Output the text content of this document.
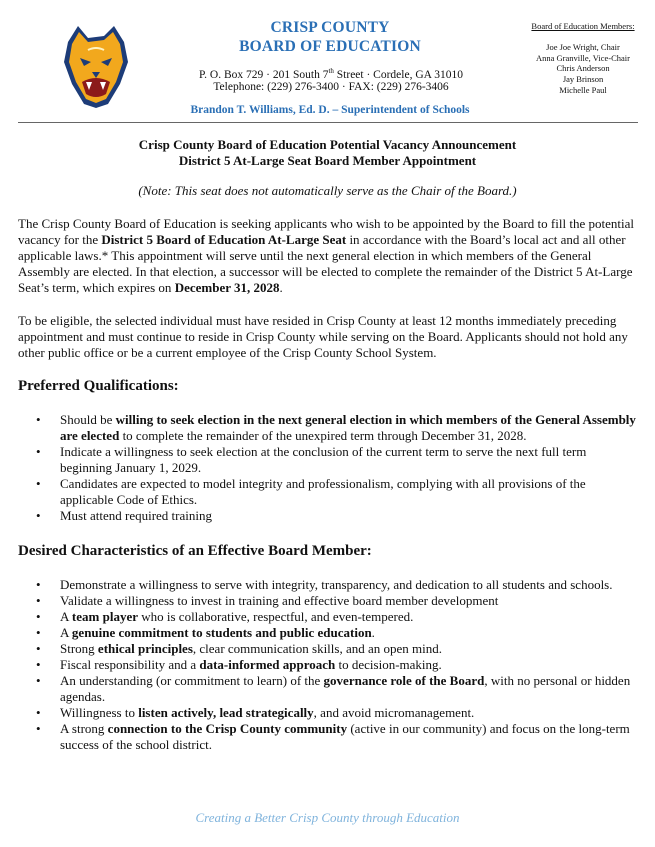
CRISP COUNTY
BOARD OF EDUCATION
P. O. Box 729 · 201 South 7th Street · Cordele, GA 31010
Telephone: (229) 276-3400 · FAX: (229) 276-3406
Brandon T. Williams, Ed. D. – Superintendent of Schools
Board of Education Members:
Joe Joe Wright, Chair
Anna Granville, Vice-Chair
Chris Anderson
Jay Brinson
Michelle Paul
Crisp County Board of Education Potential Vacancy Announcement
District 5 At-Large Seat Board Member Appointment
(Note: This seat does not automatically serve as the Chair of the Board.)
The Crisp County Board of Education is seeking applicants who wish to be appointed by the Board to fill the potential vacancy for the District 5 Board of Education At-Large Seat in accordance with the Board’s local act and all other applicable laws.* This appointment will serve until the next general election in which members of the General Assembly are elected. In that election, a successor will be elected to complete the remainder of the District 5 At-Large Seat’s term, which expires on December 31, 2028.
To be eligible, the selected individual must have resided in Crisp County at least 12 months immediately preceding appointment and must continue to reside in Crisp County while serving on the Board. Applicants should not hold any other public office or be a current employee of the Crisp County School System.
Preferred Qualifications:
• Should be willing to seek election in the next general election in which members of the General Assembly are elected to complete the remainder of the unexpired term through December 31, 2028.
• Indicate a willingness to seek election at the conclusion of the current term to serve the next full term beginning January 1, 2029.
• Candidates are expected to model integrity and professionalism, complying with all provisions of the applicable Code of Ethics.
• Must attend required training
Desired Characteristics of an Effective Board Member:
• Demonstrate a willingness to serve with integrity, transparency, and dedication to all students and schools.
• Validate a willingness to invest in training and effective board member development
• A team player who is collaborative, respectful, and even-tempered.
• A genuine commitment to students and public education.
• Strong ethical principles, clear communication skills, and an open mind.
• Fiscal responsibility and a data-informed approach to decision-making.
• An understanding (or commitment to learn) of the governance role of the Board, with no personal or hidden agendas.
• Willingness to listen actively, lead strategically, and avoid micromanagement.
• A strong connection to the Crisp County community (active in our community) and focus on the long-term success of the school district.
Creating a Better Crisp County through Education
